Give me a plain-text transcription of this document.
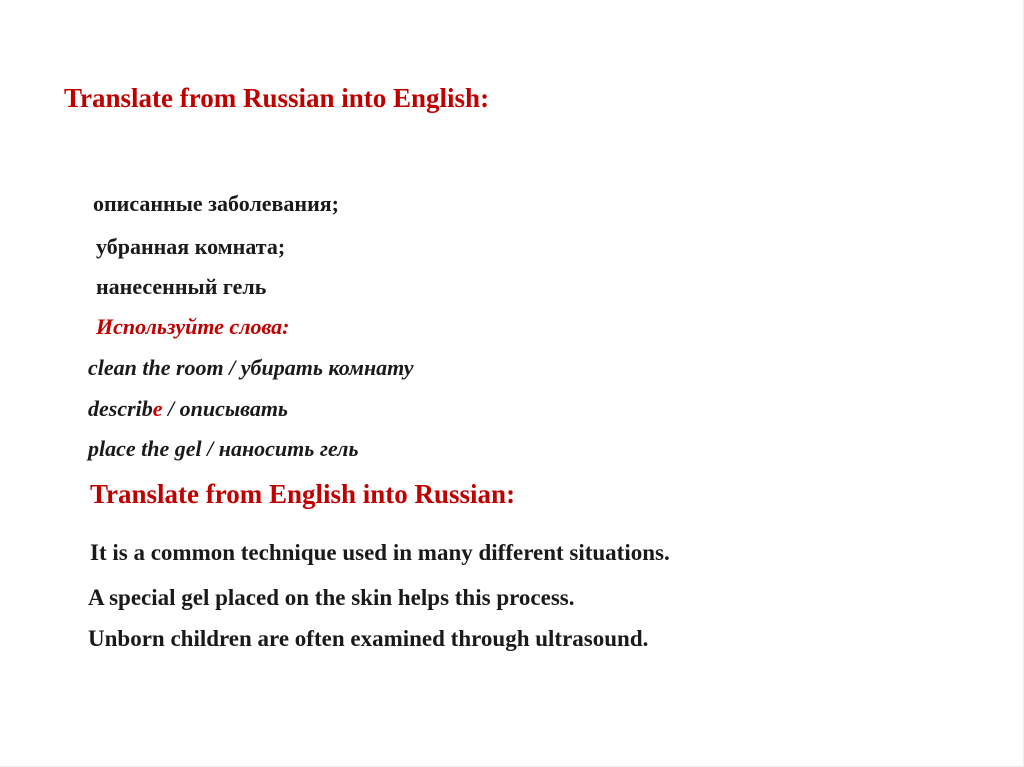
Translate from Russian into English:
описанные заболевания;
убранная комната;
нанесенный гель
Используйте слова:
clean the room / убирать комнату
describe / описывать
place the gel / наносить гель
Translate from English into Russian:
It is a common technique used in many different situations.
A special gel placed on the skin helps this process.
Unborn children are often examined through ultrasound.
